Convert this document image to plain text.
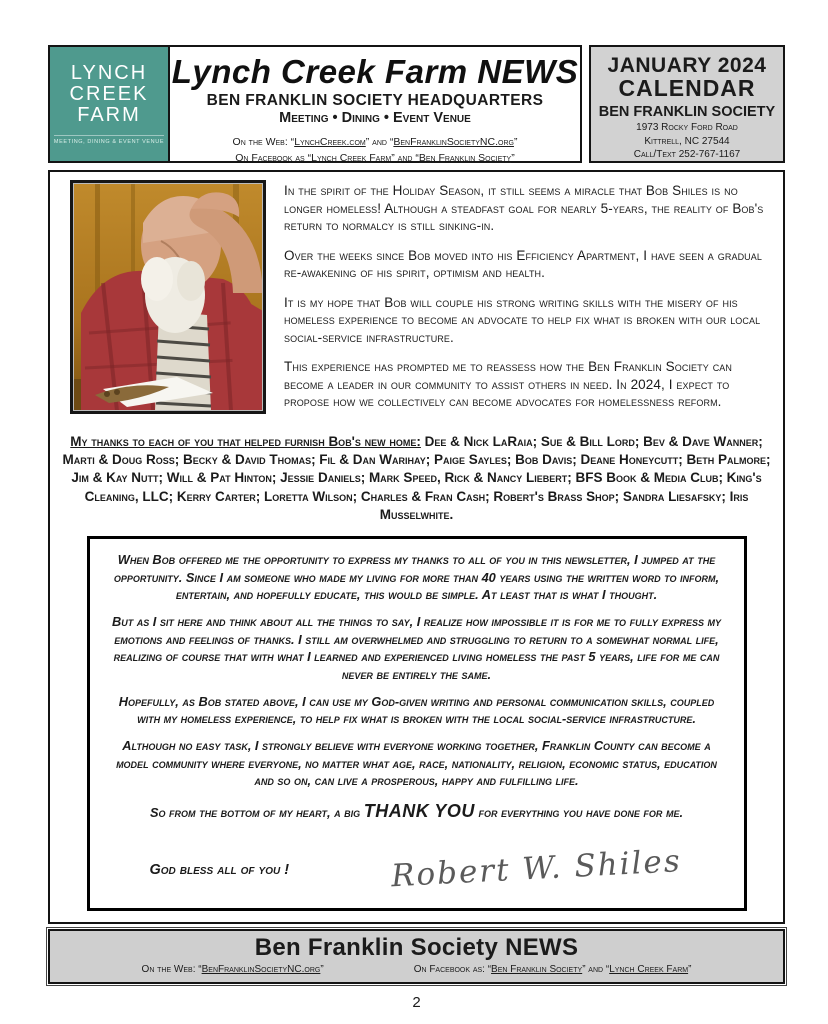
LYNCH
CREEK
FARM
MEETING, DINING & EVENT VENUE
Lynch Creek Farm NEWS
BEN FRANKLIN SOCIETY HEADQUARTERS
Meeting • Dining • Event Venue
On the Web: “LynchCreek.com” and “BenFranklinSocietyNC.org”
On Facebook as “Lynch Creek Farm” and “Ben Franklin Society”
JANUARY 2024
CALENDAR
BEN FRANKLIN SOCIETY
1973 Rocky Ford Road
Kittrell, NC 27544
Call/Text 252-767-1167

In the spirit of the Holiday Season, it still seems a miracle that Bob Shiles is no longer homeless! Although a steadfast goal for nearly 5-years, the reality of Bob's return to normalcy is still sinking-in.

Over the weeks since Bob moved into his Efficiency Apartment, I have seen a gradual re-awakening of his spirit, optimism and health.

It is my hope that Bob will couple his strong writing skills with the misery of his homeless experience to become an advocate to help fix what is broken with our local social-service infrastructure.

This experience has prompted me to reassess how the Ben Franklin Society can become a leader in our community to assist others in need. In 2024, I expect to propose how we collectively can become advocates for homelessness reform.

My thanks to each of you that helped furnish Bob's new home: Dee & Nick LaRaia; Sue & Bill Lord; Bev & Dave Wanner; Marti & Doug Ross; Becky & David Thomas; Fil & Dan Warihay; Paige Sayles; Bob Davis; Deane Honeycutt; Beth Palmore; Jim & Kay Nutt; Will & Pat Hinton; Jessie Daniels; Mark Speed, Rick & Nancy Liebert; BFS Book & Media Club; King's Cleaning, LLC; Kerry Carter; Loretta Wilson; Charles & Fran Cash; Robert's Brass Shop; Sandra Liesafsky; Iris Musselwhite.

When Bob offered me the opportunity to express my thanks to all of you in this newsletter, I jumped at the opportunity. Since I am someone who made my living for more than 40 years using the written word to inform, entertain, and hopefully educate, this would be simple. At least that is what I thought.

But as I sit here and think about all the things to say, I realize how impossible it is for me to fully express my emotions and feelings of thanks. I still am overwhelmed and struggling to return to a somewhat normal life, realizing of course that with what I learned and experienced living homeless the past 5 years, life for me can never be entirely the same.

Hopefully, as Bob stated above, I can use my God-given writing and personal communication skills, coupled with my homeless experience, to help fix what is broken with the local social-service infrastructure.

Although no easy task, I strongly believe with everyone working together, Franklin County can become a model community where everyone, no matter what age, race, nationality, religion, economic status, education and so on, can live a prosperous, happy and fulfilling life.

So from the bottom of my heart, a big THANK YOU for everything you have done for me.

God bless all of you !	Robert W. Shiles
Ben Franklin Society NEWS
On the Web: “BenFranklinSocietyNC.org”	On Facebook as: “Ben Franklin Society” and “Lynch Creek Farm”
2
